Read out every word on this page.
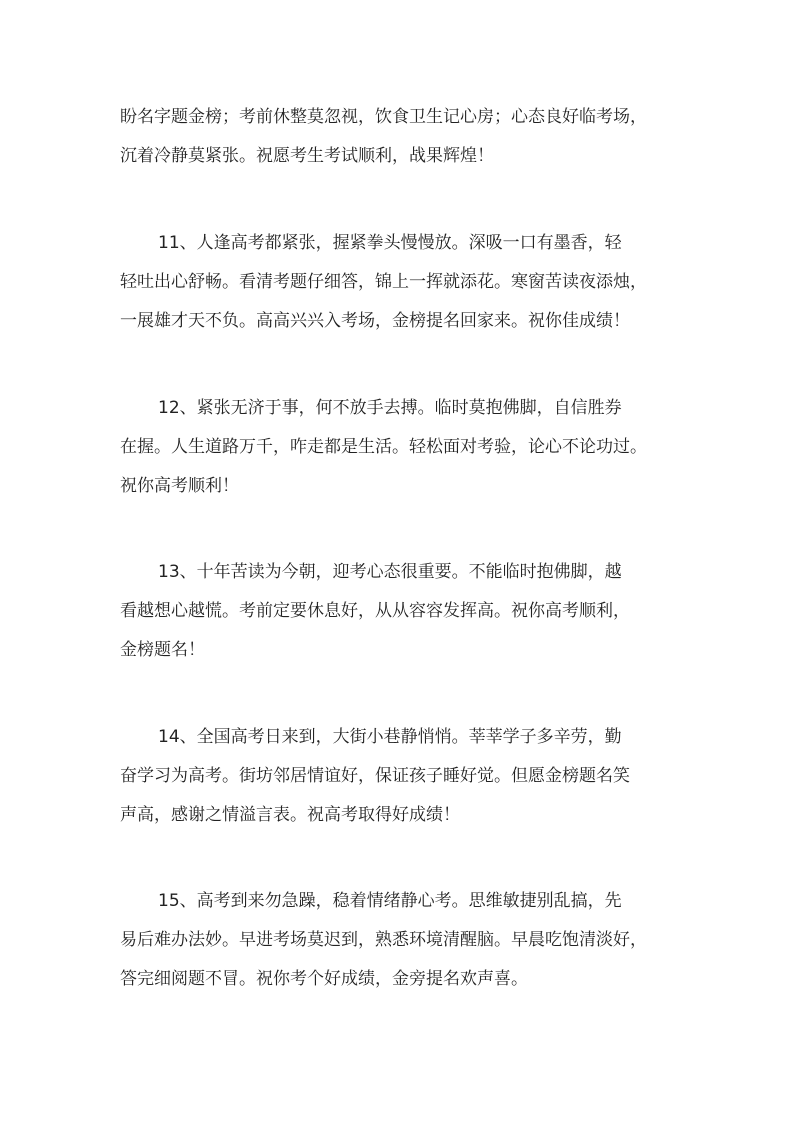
盼名字题金榜；考前休整莫忽视，饮食卫生记心房；心态良好临考场，
沉着冷静莫紧张。祝愿考生考试顺利，战果辉煌！

11、人逢高考都紧张，握紧拳头慢慢放。深吸一口有墨香，轻
轻吐出心舒畅。看清考题仔细答，锦上一挥就添花。寒窗苦读夜添烛，
一展雄才天不负。高高兴兴入考场，金榜提名回家来。祝你佳成绩！

12、紧张无济于事，何不放手去搏。临时莫抱佛脚，自信胜券
在握。人生道路万千，咋走都是生活。轻松面对考验，论心不论功过。
祝你高考顺利！

13、十年苦读为今朝，迎考心态很重要。不能临时抱佛脚，越
看越想心越慌。考前定要休息好，从从容容发挥高。祝你高考顺利，
金榜题名！

14、全国高考日来到，大街小巷静悄悄。莘莘学子多辛劳，勤
奋学习为高考。街坊邻居情谊好，保证孩子睡好觉。但愿金榜题名笑
声高，感谢之情溢言表。祝高考取得好成绩！

15、高考到来勿急躁，稳着情绪静心考。思维敏捷别乱搞，先
易后难办法妙。早进考场莫迟到，熟悉环境清醒脑。早晨吃饱清淡好，
答完细阅题不冒。祝你考个好成绩，金旁提名欢声喜。
